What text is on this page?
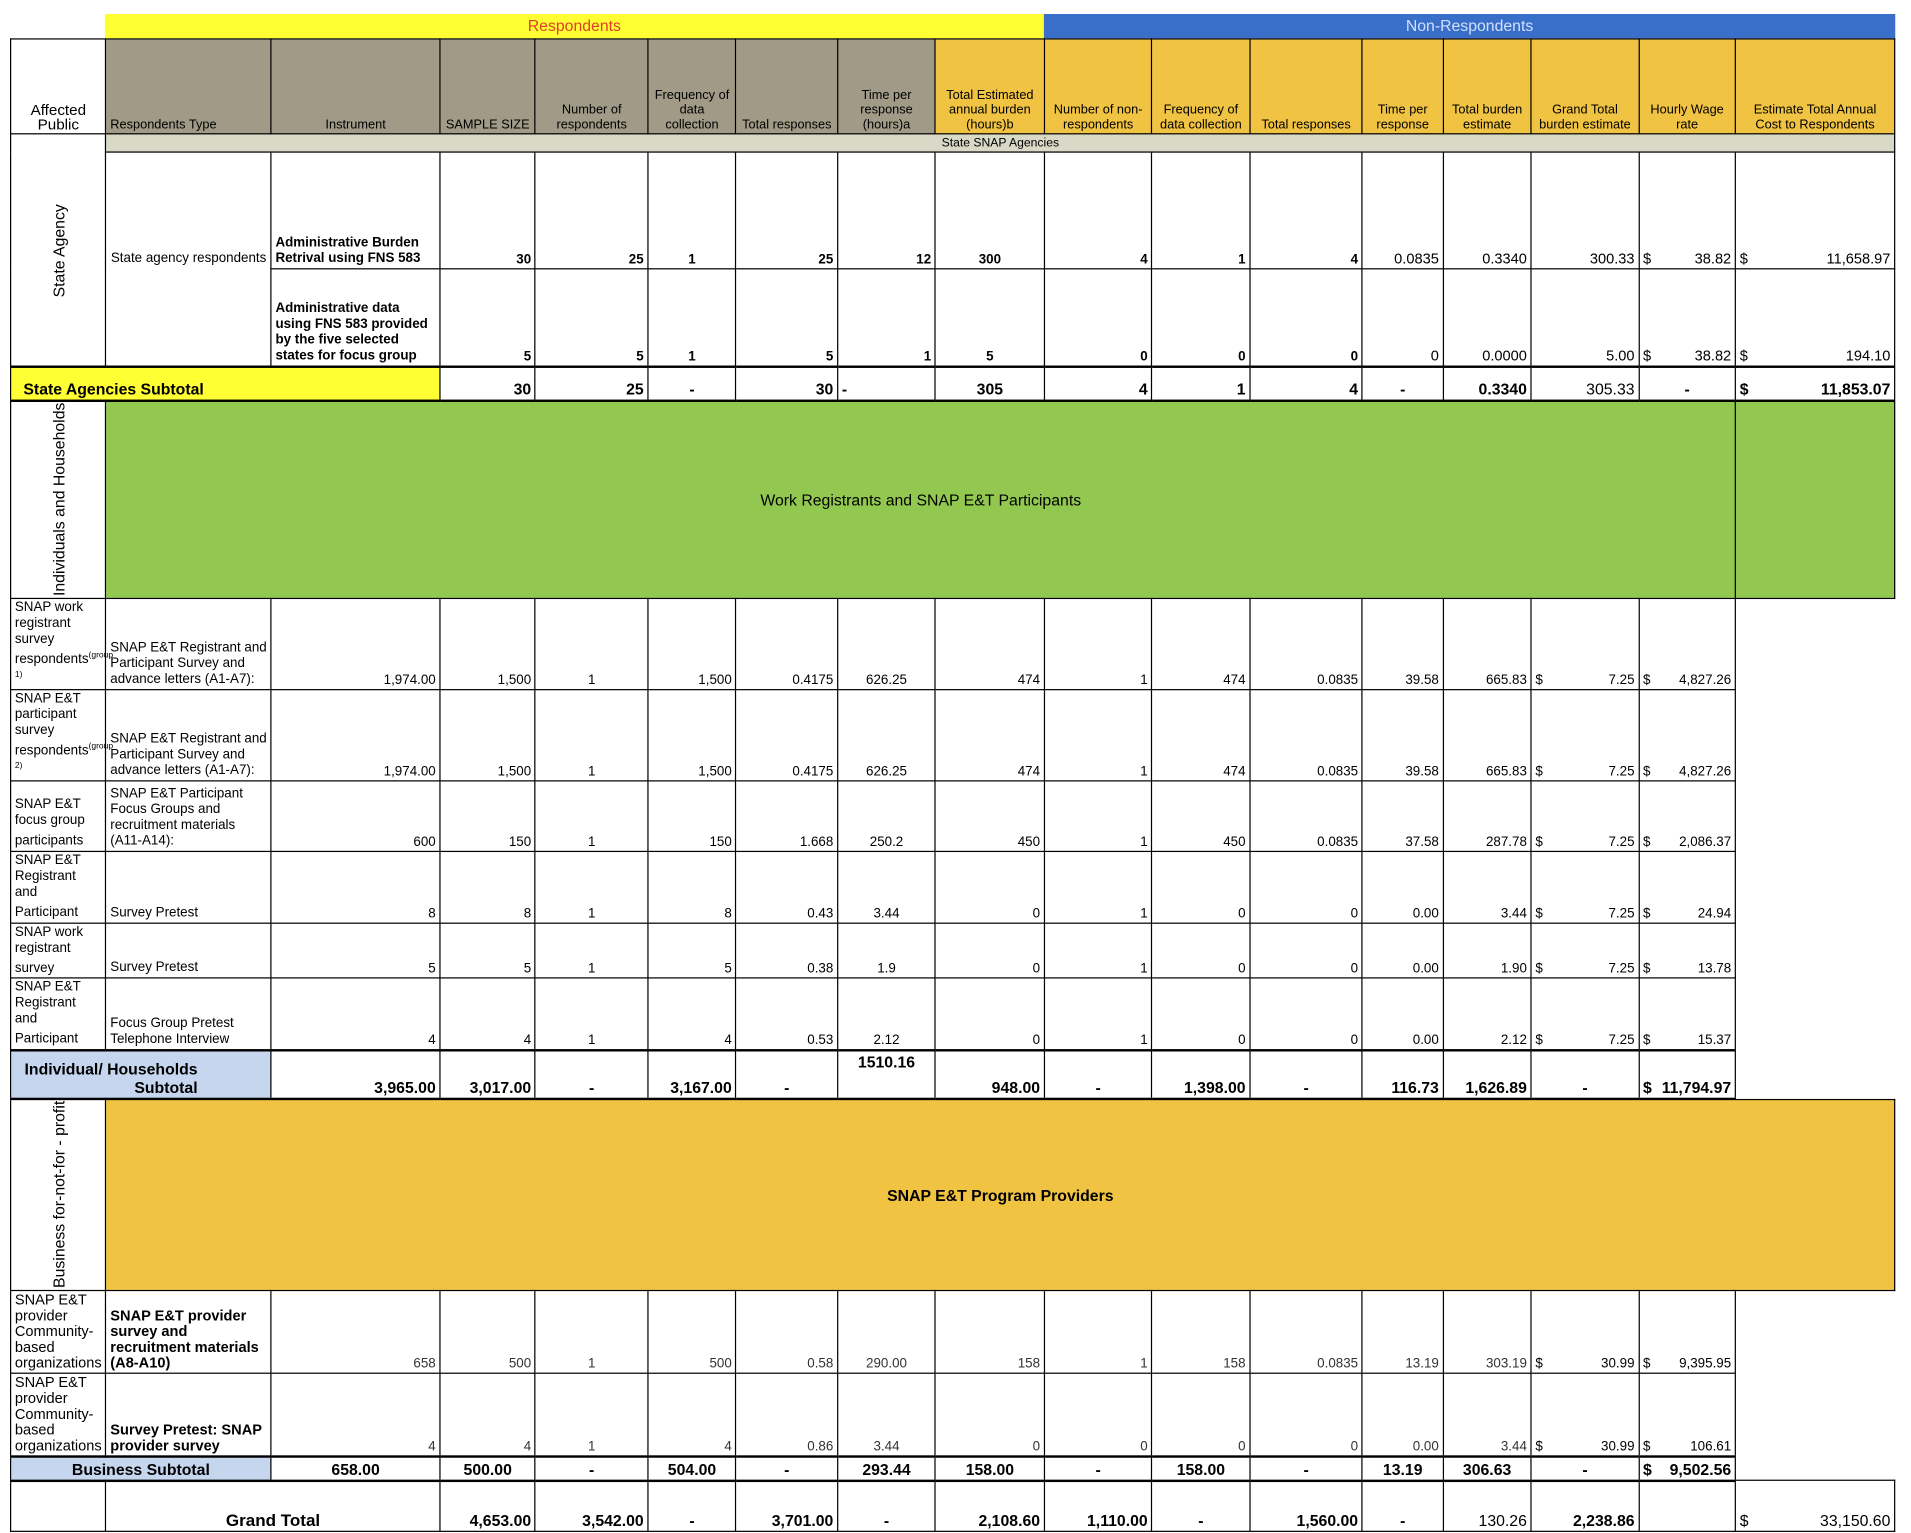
Respondents	Non-Respondents
Affected Public	Respondents Type	Instrument	SAMPLE SIZE	Number of respondents	Frequency of data collection	Total responses	Time per response (hours)a	Total Estimated annual burden (hours)b	Number of non-respondents	Frequency of data collection	Total responses	Time per response	Total burden estimate	Grand Total burden estimate	Hourly Wage rate	Estimate Total Annual Cost to Respondents
State Agency	State SNAP Agencies															
	State agency respondents	Administrative Burden Retrival using FNS 583	30	25	1	25	12	300	4	1	4	0.0835	0.3340	300.33	$ 38.82	$ 11,658.97
		Administrative data using FNS 583 provided by the five selected states for focus group	5	5	1	5	1	5	0	0	0	0	0.0000	5.00	$ 38.82	$ 194.10
State Agencies Subtotal			30	25	-	30	-	305	4	1	4	-	0.3340	305.33	-	$ 11,853.07
Individuals and Households	Work Registrants and SNAP E&T Participants															
SNAP work registrant survey respondents$^{(group 1)}$	SNAP E&T Registrant and Participant Survey and advance letters (A1-A7):	1,974.00	1,500	1	1,500	0.4175	626.25	474	1	474	0.0835	39.58	665.83	$ 7.25	$ 4,827.26	
SNAP E&T participant survey respondents$^{(group 2)}$	SNAP E&T Registrant and Participant Survey and advance letters (A1-A7):	1,974.00	1,500	1	1,500	0.4175	626.25	474	1	474	0.0835	39.58	665.83	$ 7.25	$ 4,827.26	
SNAP E&T focus group participants	SNAP E&T Participant Focus Groups and recruitment materials (A11-A14):	600	150	1	150	1.668	250.2	450	1	450	0.0835	37.58	287.78	$ 7.25	$ 2,086.37	
SNAP E&T Registrant and Participant	Survey Pretest	8	8	1	8	0.43	3.44	0	1	0	0	0.00	3.44	$ 7.25	$ 24.94	
SNAP work registrant survey	Survey Pretest	5	5	1	5	0.38	1.9	0	1	0	0	0.00	1.90	$ 7.25	$ 13.78	
SNAP E&T Registrant and Participant	Focus Group Pretest Telephone Interview	4	4	1	4	0.53	2.12	0	1	0	0	0.00	2.12	$ 7.25	$ 15.37	
Individual/ Households Subtotal		3,965.00	3,017.00	-	3,167.00	-	1510.16	948.00	-	1,398.00	-	116.73	1,626.89	-	$ 11,794.97	
Business for-not-for - profit	SNAP E&T Program Providers															
SNAP E&T provider Community-based organizations	SNAP E&T provider survey and recruitment materials (A8-A10)	658	500	1	500	0.58	290.00	158	1	158	0.0835	13.19	303.19	$ 30.99	$ 9,395.95	
SNAP E&T provider Community-based organizations	Survey Pretest: SNAP provider survey	4	4	1	4	0.86	3.44	0	0	0	0	0.00	3.44	$ 30.99	$ 106.61	
Business Subtotal		658.00	500.00	-	504.00	-	293.44	158.00	-	158.00	-	13.19	306.63	-	$ 9,502.56	
	Grand Total		4,653.00	3,542.00	-	3,701.00	-	2,108.60	1,110.00	-	1,560.00	-	130.26	2,238.86		$ 33,150.60
